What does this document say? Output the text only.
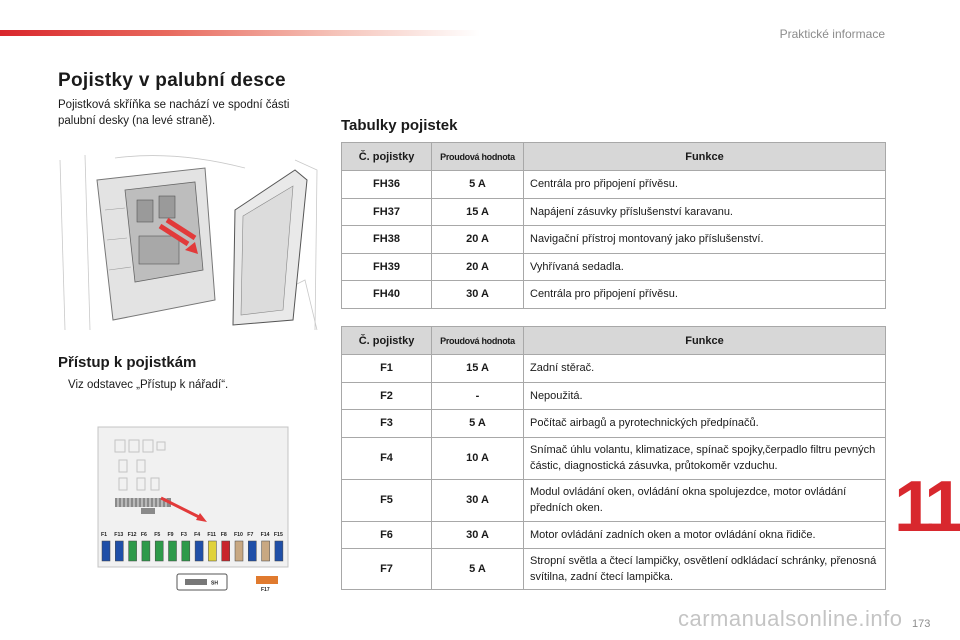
Praktické informace
Pojistky v palubní desce
Pojistková skříňka se nachází ve spodní části palubní desky (na levé straně).
Přístup k pojistkám
Viz odstavec „Přístup k nářadí“.
F1 F13 F12 F6 F5 F9 F3 F4 F11 F8 F10 F7 F14 F15
SH
F17
Tabulky pojistek
Č. pojistky	Proudová hodnota	Funkce
FH36	5 A	Centrála pro připojení přívěsu.
FH37	15 A	Napájení zásuvky příslušenství karavanu.
FH38	20 A	Navigační přístroj montovaný jako příslušenství.
FH39	20 A	Vyhřívaná sedadla.
FH40	30 A	Centrála pro připojení přívěsu.
Č. pojistky	Proudová hodnota	Funkce
F1	15 A	Zadní stěrač.
F2	-	Nepoužitá.
F3	5 A	Počítač airbagů a pyrotechnických předpínačů.
F4	10 A	Snímač úhlu volantu, klimatizace, spínač spojky,čerpadlo filtru pevných částic, diagnostická zásuvka, průtokoměr vzduchu.
F5	30 A	Modul ovládání oken, ovládání okna spolujezdce, motor ovládání předních oken.
F6	30 A	Motor ovládání zadních oken a motor ovládání okna řidiče.
F7	5 A	Stropní světla a čtecí lampičky, osvětlení odkládací schránky, přenosná svítilna, zadní čtecí lampička.
11
carmanualsonline.info 173
